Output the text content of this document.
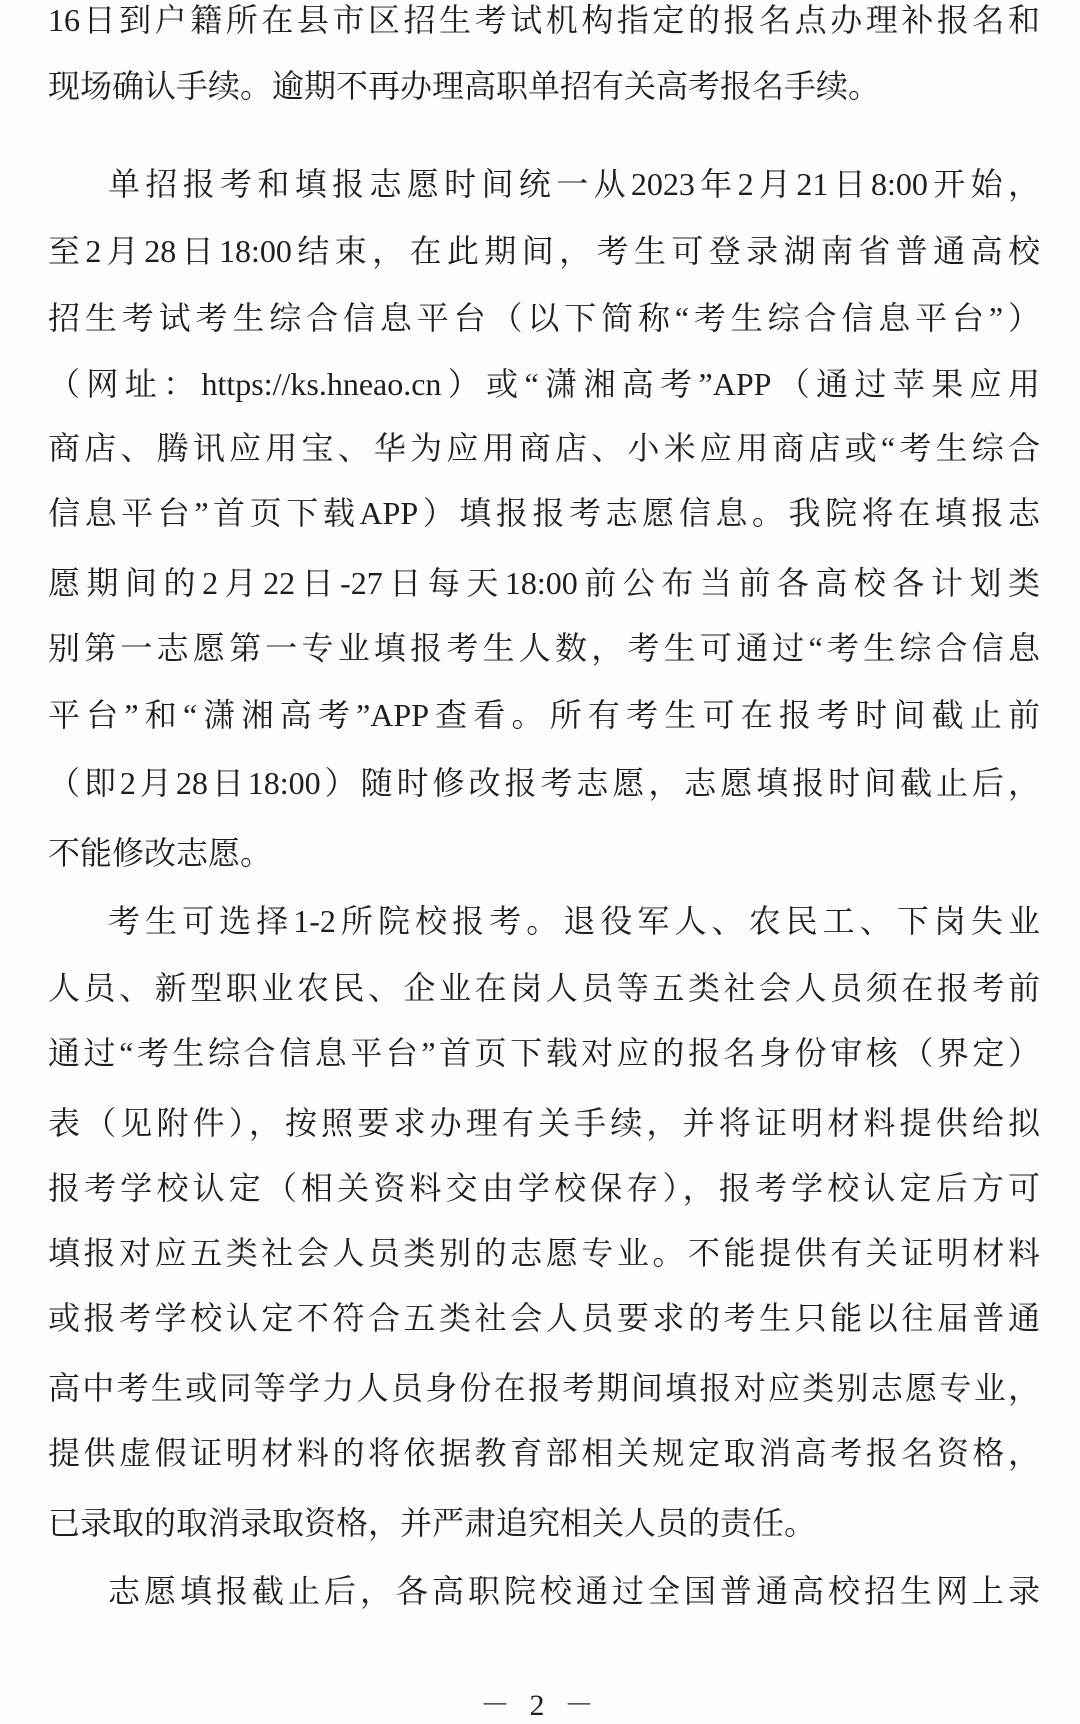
16日到户籍所在县市区招生考试机构指定的报名点办理补报名和
现场确认手续。逾期不再办理高职单招有关高考报名手续。
单招报考和填报志愿时间统一从2023年2月21日8:00开始，
至2月28日18:00结束，在此期间，考生可登录湖南省普通高校
招生考试考生综合信息平台（以下简称“考生综合信息平台”）
（网址：https://ks.hneao.cn）或“潇湘高考”APP（通过苹果应用
商店、腾讯应用宝、华为应用商店、小米应用商店或“考生综合
信息平台”首页下载APP）填报报考志愿信息。我院将在填报志
愿期间的2月22日-27日每天18:00前公布当前各高校各计划类
别第一志愿第一专业填报考生人数，考生可通过“考生综合信息
平台”和“潇湘高考”APP查看。所有考生可在报考时间截止前
（即2月28日18:00）随时修改报考志愿，志愿填报时间截止后，
不能修改志愿。
考生可选择1-2所院校报考。退役军人、农民工、下岗失业
人员、新型职业农民、企业在岗人员等五类社会人员须在报考前
通过“考生综合信息平台”首页下载对应的报名身份审核（界定）
表（见附件），按照要求办理有关手续，并将证明材料提供给拟
报考学校认定（相关资料交由学校保存），报考学校认定后方可
填报对应五类社会人员类别的志愿专业。不能提供有关证明材料
或报考学校认定不符合五类社会人员要求的考生只能以往届普通
高中考生或同等学力人员身份在报考期间填报对应类别志愿专业，
提供虚假证明材料的将依据教育部相关规定取消高考报名资格，
已录取的取消录取资格，并严肃追究相关人员的责任。
志愿填报截止后，各高职院校通过全国普通高校招生网上录
－ 2 －
